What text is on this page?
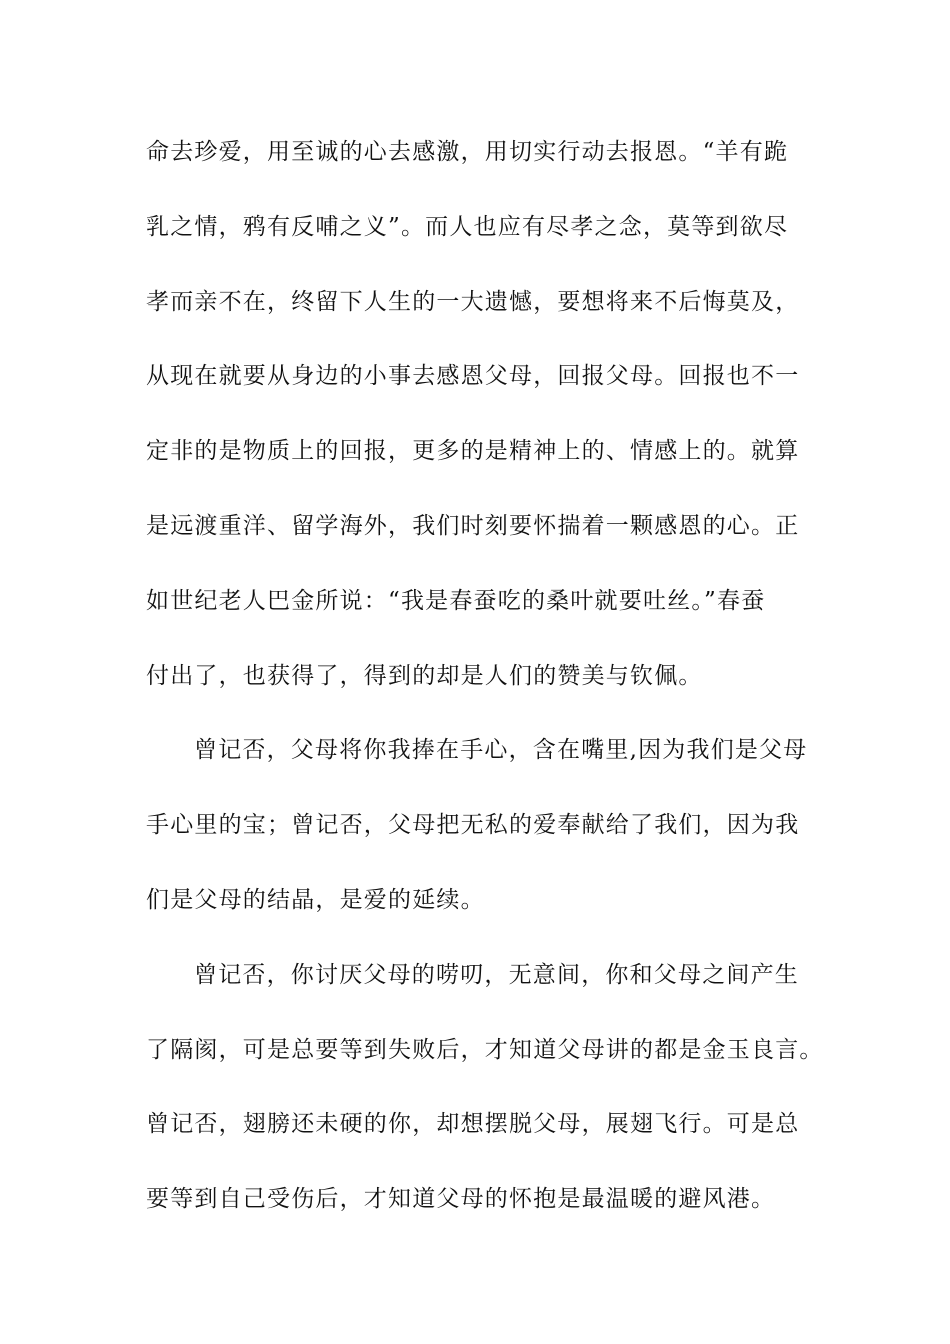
命去珍爱，用至诚的心去感激，用切实行动去报恩。“羊有跪
乳之情，鸦有反哺之义”。而人也应有尽孝之念，莫等到欲尽
孝而亲不在，终留下人生的一大遗憾，要想将来不后悔莫及，
从现在就要从身边的小事去感恩父母，回报父母。回报也不一
定非的是物质上的回报，更多的是精神上的、情感上的。就算
是远渡重洋、留学海外，我们时刻要怀揣着一颗感恩的心。正
如世纪老人巴金所说：“我是春蚕吃的桑叶就要吐丝。”春蚕
付出了，也获得了，得到的却是人们的赞美与钦佩。
曾记否，父母将你我捧在手心，含在嘴里,因为我们是父母
手心里的宝；曾记否，父母把无私的爱奉献给了我们，因为我
们是父母的结晶，是爱的延续。
曾记否，你讨厌父母的唠叨，无意间，你和父母之间产生
了隔阂，可是总要等到失败后，才知道父母讲的都是金玉良言。
曾记否，翅膀还未硬的你，却想摆脱父母，展翅飞行。可是总
要等到自己受伤后，才知道父母的怀抱是最温暖的避风港。
